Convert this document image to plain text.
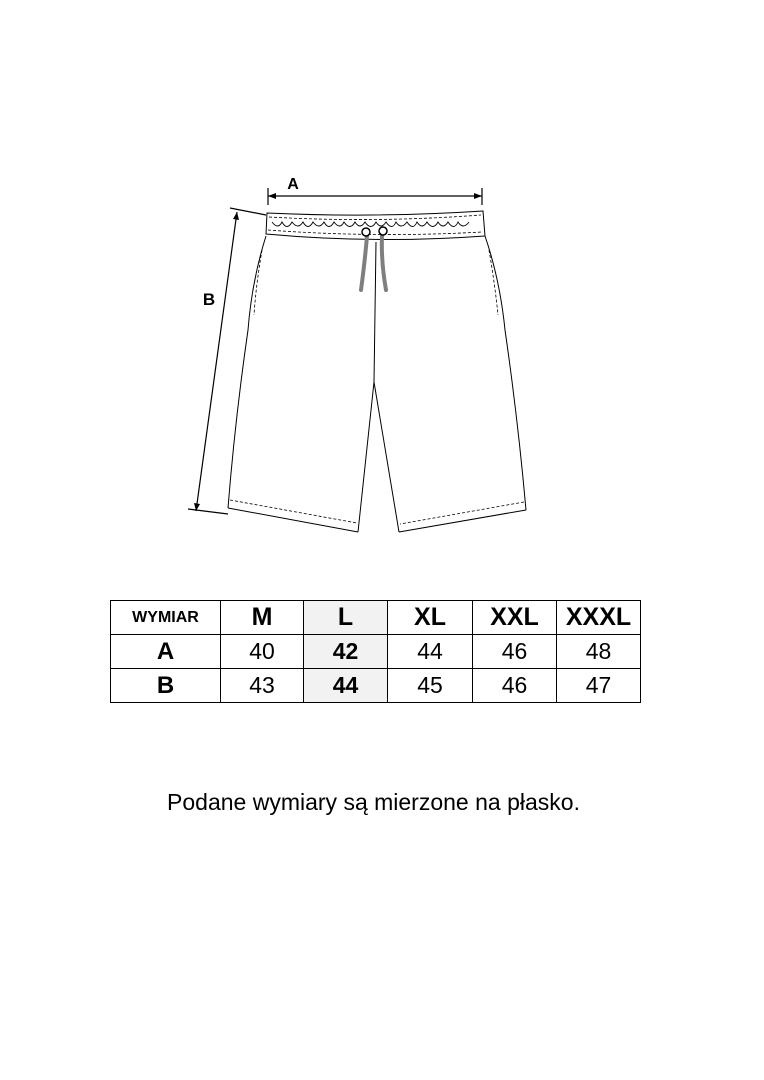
A
B
WYMIAR	M	L	XL	XXL	XXXL
A	40	42	44	46	48
B	43	44	45	46	47
Podane wymiary są mierzone na płasko.
